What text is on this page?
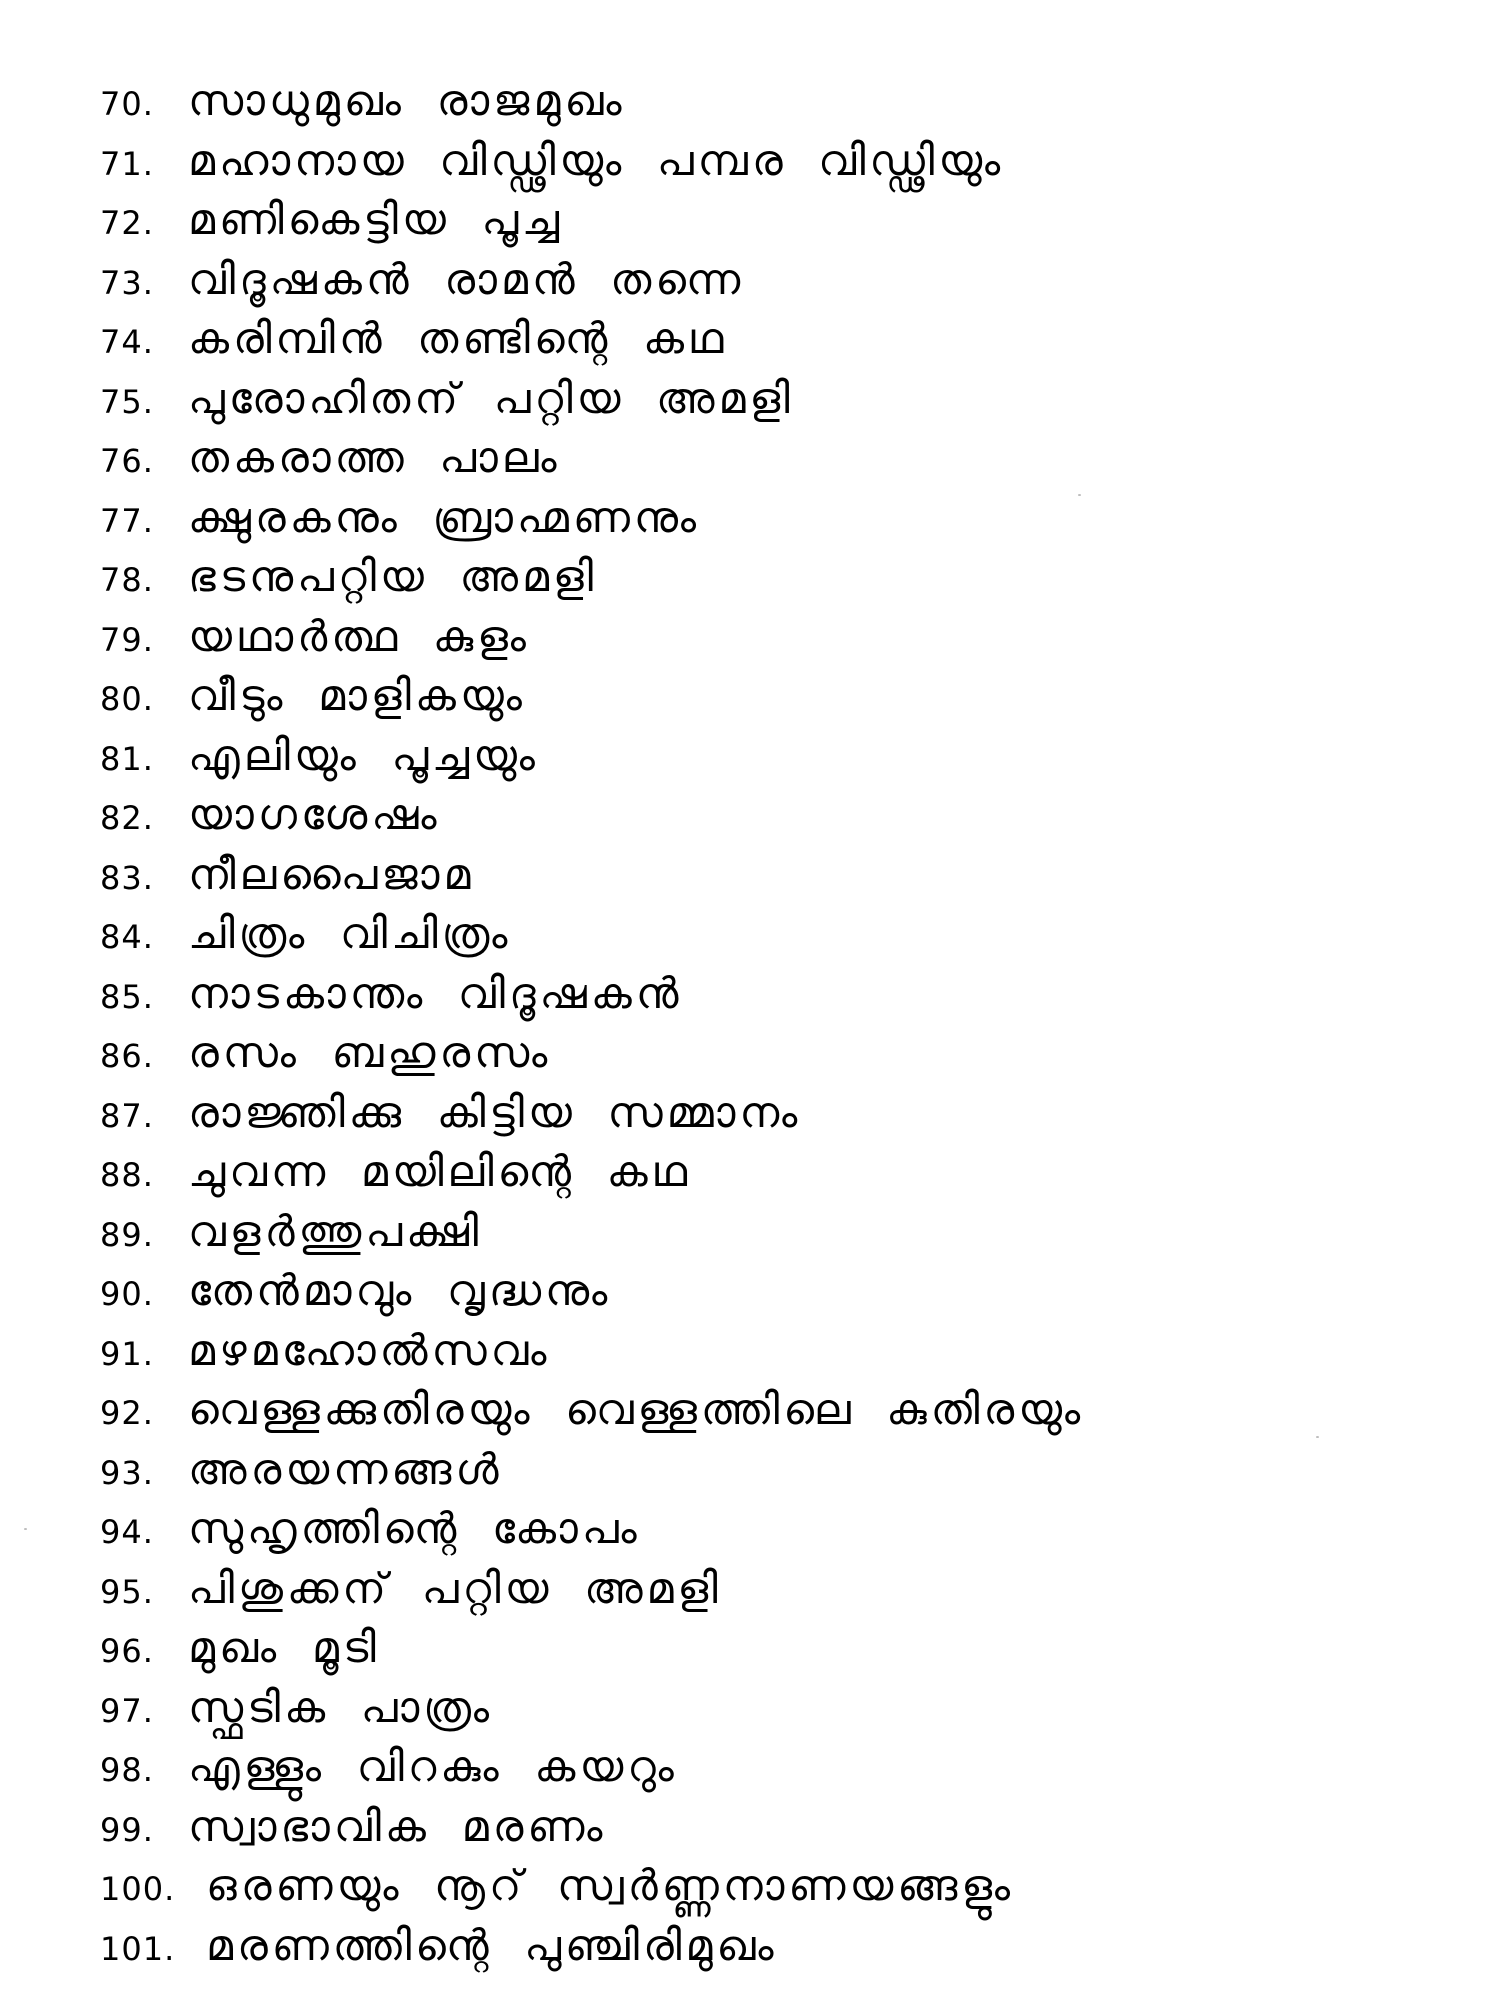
70. സാധുമുഖം രാജമുഖം
71. മഹാനായ വിഡ്ഢിയും പമ്പര വിഡ്ഢിയും
72. മണികെട്ടിയ പൂച്ച
73. വിദൂഷകൻ രാമൻ തന്നെ
74. കരിമ്പിൻ തണ്ടിന്റെ കഥ
75. പുരോഹിതന് പറ്റിയ അമളി
76. തകരാത്ത പാലം
77. ക്ഷുരകനും ബ്രാഹ്മണനും
78. ഭടനുപറ്റിയ അമളി
79. യഥാർത്ഥ കുളം
80. വീടും മാളികയും
81. എലിയും പൂച്ചയും
82. യാഗശേഷം
83. നീലപൈജാമ
84. ചിത്രം വിചിത്രം
85. നാടകാന്തം വിദൂഷകൻ
86. രസം ബഹുരസം
87. രാജ്ഞിക്കു കിട്ടിയ സമ്മാനം
88. ചുവന്ന മയിലിന്റെ കഥ
89. വളർത്തുപക്ഷി
90. തേൻമാവും വൃദ്ധനും
91. മഴമഹോൽസവം
92. വെള്ളക്കുതിരയും വെള്ളത്തിലെ കുതിരയും
93. അരയന്നങ്ങൾ
94. സുഹൃത്തിന്റെ കോപം
95. പിശുക്കന് പറ്റിയ അമളി
96. മുഖം മൂടി
97. സ്ഫടിക പാത്രം
98. എള്ളും വിറകും കയറും
99. സ്വാഭാവിക മരണം
100. ഒരണയും നൂറ് സ്വർണ്ണനാണയങ്ങളും
101. മരണത്തിന്റെ പുഞ്ചിരിമുഖം
